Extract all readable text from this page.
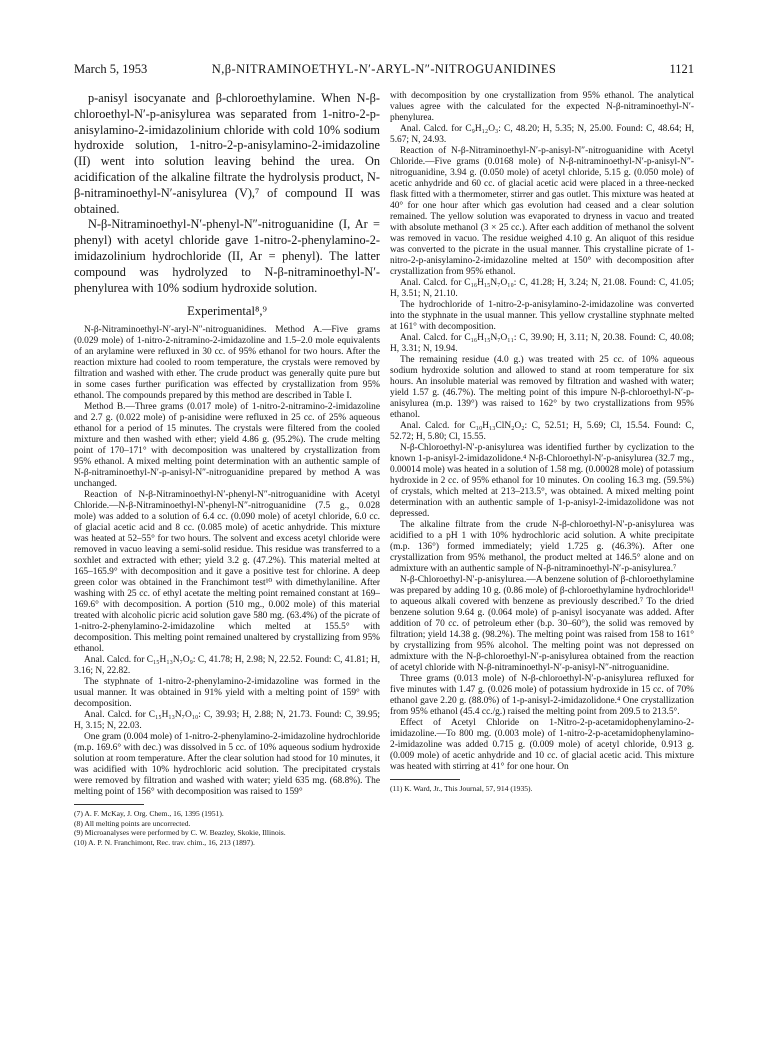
March 5, 1953	N,β-NITRAMINOETHYL-N′-ARYL-N″-NITROGUANIDINES	1121

p-anisyl isocyanate and β-chloroethylamine. When N-β-chloroethyl-N′-p-anisylurea was separated from 1-nitro-2-p-anisylamino-2-imidazolinium chloride with cold 10% sodium hydroxide solution, 1-nitro-2-p-anisylamino-2-imidazoline (II) went into solution leaving behind the urea. On acidification of the alkaline filtrate the hydrolysis product, N-β-nitraminoethyl-N′-anisylurea (V),⁷ of compound II was obtained.

N-β-Nitraminoethyl-N′-phenyl-N″-nitroguanidine (I, Ar = phenyl) with acetyl chloride gave 1-nitro-2-phenylamino-2-imidazolinium hydrochloride (II, Ar = phenyl). The latter compound was hydrolyzed to N-β-nitraminoethyl-N′-phenylurea with 10% sodium hydroxide solution.

Experimental⁸,⁹

N-β-Nitraminoethyl-N′-aryl-N″-nitroguanidines. Method A.—Five grams (0.029 mole) of 1-nitro-2-nitramino-2-imidazoline and 1.5–2.0 mole equivalents of an arylamine were refluxed in 30 cc. of 95% ethanol for two hours. After the reaction mixture had cooled to room temperature, the crystals were removed by filtration and washed with ether. The crude product was generally quite pure but in some cases further purification was effected by crystallization from 95% ethanol. The compounds prepared by this method are described in Table I.

Method B.—Three grams (0.017 mole) of 1-nitro-2-nitramino-2-imidazoline and 2.7 g. (0.022 mole) of p-anisidine were refluxed in 25 cc. of 25% aqueous ethanol for a period of 15 minutes. The crystals were filtered from the cooled mixture and then washed with ether; yield 4.86 g. (95.2%). The crude melting point of 170–171° with decomposition was unaltered by crystallization from 95% ethanol. A mixed melting point determination with an authentic sample of N-β-nitraminoethyl-N′-p-anisyl-N″-nitroguanidine prepared by method A was unchanged.

Reaction of N-β-Nitraminoethyl-N′-phenyl-N″-nitroguanidine with Acetyl Chloride.—N-β-Nitraminoethyl-N′-phenyl-N″-nitroguanidine (7.5 g., 0.028 mole) was added to a solution of 6.4 cc. (0.090 mole) of acetyl chloride, 6.0 cc. of glacial acetic acid and 8 cc. (0.085 mole) of acetic anhydride. This mixture was heated at 52–55° for two hours. The solvent and excess acetyl chloride were removed in vacuo leaving a semi-solid residue. This residue was transferred to a soxhlet and extracted with ether; yield 3.2 g. (47.2%). This material melted at 165–165.9° with decomposition and it gave a positive test for chlorine. A deep green color was obtained in the Franchimont test¹⁰ with dimethylaniline. After washing with 25 cc. of ethyl acetate the melting point remained constant at 169–169.6° with decomposition. A portion (510 mg., 0.002 mole) of this material treated with alcoholic picric acid solution gave 580 mg. (63.4%) of the picrate of 1-nitro-2-phenylamino-2-imidazoline which melted at 155.5° with decomposition. This melting point remained unaltered by crystallizing from 95% ethanol.

Anal. Calcd. for C₁₅H₁₃N₇O₉: C, 41.78; H, 2.98; N, 22.52. Found: C, 41.81; H, 3.16; N, 22.82.

The styphnate of 1-nitro-2-phenylamino-2-imidazoline was formed in the usual manner. It was obtained in 91% yield with a melting point of 159° with decomposition.

Anal. Calcd. for C₁₅H₁₃N₇O₁₀: C, 39.93; H, 2.88; N, 21.73. Found: C, 39.95; H, 3.15; N, 22.03.

One gram (0.004 mole) of 1-nitro-2-phenylamino-2-imidazoline hydrochloride (m.p. 169.6° with dec.) was dissolved in 5 cc. of 10% aqueous sodium hydroxide solution at room temperature. After the clear solution had stood for 10 minutes, it was acidified with 10% hydrochloric acid solution. The precipitated crystals were removed by filtration and washed with water; yield 635 mg. (68.8%). The melting point of 156° with decomposition was raised to 159°

(7) A. F. McKay, J. Org. Chem., 16, 1395 (1951).

(8) All melting points are uncorrected.

(9) Microanalyses were performed by C. W. Beazley, Skokie, Illinois.

(10) A. P. N. Franchimont, Rec. trav. chim., 16, 213 (1897).

with decomposition by one crystallization from 95% ethanol. The analytical values agree with the calculated for the expected N-β-nitraminoethyl-N′-phenylurea.

Anal. Calcd. for C₉H₁₂O₃: C, 48.20; H, 5.35; N, 25.00. Found: C, 48.64; H, 5.67; N, 24.93.

Reaction of N-β-Nitraminoethyl-N′-p-anisyl-N″-nitroguanidine with Acetyl Chloride.—Five grams (0.0168 mole) of N-β-nitraminoethyl-N′-p-anisyl-N″-nitroguanidine, 3.94 g. (0.050 mole) of acetyl chloride, 5.15 g. (0.050 mole) of acetic anhydride and 60 cc. of glacial acetic acid were placed in a three-necked flask fitted with a thermometer, stirrer and gas outlet. This mixture was heated at 40° for one hour after which gas evolution had ceased and a clear solution remained. The yellow solution was evaporated to dryness in vacuo and treated with absolute methanol (3 × 25 cc.). After each addition of methanol the solvent was removed in vacuo. The residue weighed 4.10 g. An aliquot of this residue was converted to the picrate in the usual manner. This crystalline picrate of 1-nitro-2-p-anisylamino-2-imidazoline melted at 150° with decomposition after crystallization from 95% ethanol.

Anal. Calcd. for C₁₆H₁₅N₇O₁₀: C, 41.28; H, 3.24; N, 21.08. Found: C, 41.05; H, 3.51; N, 21.10.

The hydrochloride of 1-nitro-2-p-anisylamino-2-imidazoline was converted into the styphnate in the usual manner. This yellow crystalline styphnate melted at 161° with decomposition.

Anal. Calcd. for C₁₆H₁₅N₇O₁₁: C, 39.90; H, 3.11; N, 20.38. Found: C, 40.08; H, 3.31; N, 19.94.

The remaining residue (4.0 g.) was treated with 25 cc. of 10% aqueous sodium hydroxide solution and allowed to stand at room temperature for six hours. An insoluble material was removed by filtration and washed with water; yield 1.57 g. (46.7%). The melting point of this impure N-β-chloroethyl-N′-p-anisylurea (m.p. 139°) was raised to 162° by two crystallizations from 95% ethanol.

Anal. Calcd. for C₁₀H₁₃ClN₂O₂: C, 52.51; H, 5.69; Cl, 15.54. Found: C, 52.72; H, 5.80; Cl, 15.55.

N-β-Chloroethyl-N′-p-anisylurea was identified further by cyclization to the known 1-p-anisyl-2-imidazolidone.⁴ N-β-Chloroethyl-N′-p-anisylurea (32.7 mg., 0.00014 mole) was heated in a solution of 1.58 mg. (0.00028 mole) of potassium hydroxide in 2 cc. of 95% ethanol for 10 minutes. On cooling 16.3 mg. (59.5%) of crystals, which melted at 213–213.5°, was obtained. A mixed melting point determination with an authentic sample of 1-p-anisyl-2-imidazolidone was not depressed.

The alkaline filtrate from the crude N-β-chloroethyl-N′-p-anisylurea was acidified to a pH 1 with 10% hydrochloric acid solution. A white precipitate (m.p. 136°) formed immediately; yield 1.725 g. (46.3%). After one crystallization from 95% methanol, the product melted at 146.5° alone and on admixture with an authentic sample of N-β-nitraminoethyl-N′-p-anisylurea.⁷

N-β-Chloroethyl-N′-p-anisylurea.—A benzene solution of β-chloroethylamine was prepared by adding 10 g. (0.86 mole) of β-chloroethylamine hydrochloride¹¹ to aqueous alkali covered with benzene as previously described.⁷ To the dried benzene solution 9.64 g. (0.064 mole) of p-anisyl isocyanate was added. After addition of 70 cc. of petroleum ether (b.p. 30–60°), the solid was removed by filtration; yield 14.38 g. (98.2%). The melting point was raised from 158 to 161° by crystallizing from 95% alcohol. The melting point was not depressed on admixture with the N-β-chloroethyl-N′-p-anisylurea obtained from the reaction of acetyl chloride with N-β-nitraminoethyl-N′-p-anisyl-N″-nitroguanidine.

Three grams (0.013 mole) of N-β-chloroethyl-N′-p-anisylurea refluxed for five minutes with 1.47 g. (0.026 mole) of potassium hydroxide in 15 cc. of 70% ethanol gave 2.20 g. (88.0%) of 1-p-anisyl-2-imidazolidone.⁴ One crystallization from 95% ethanol (45.4 cc./g.) raised the melting point from 209.5 to 213.5°.

Effect of Acetyl Chloride on 1-Nitro-2-p-acetamidophenylamino-2-imidazoline.—To 800 mg. (0.003 mole) of 1-nitro-2-p-acetamidophenylamino-2-imidazoline was added 0.715 g. (0.009 mole) of acetyl chloride, 0.913 g. (0.009 mole) of acetic anhydride and 10 cc. of glacial acetic acid. This mixture was heated with stirring at 41° for one hour. On

(11) K. Ward, Jr., This Journal, 57, 914 (1935).
